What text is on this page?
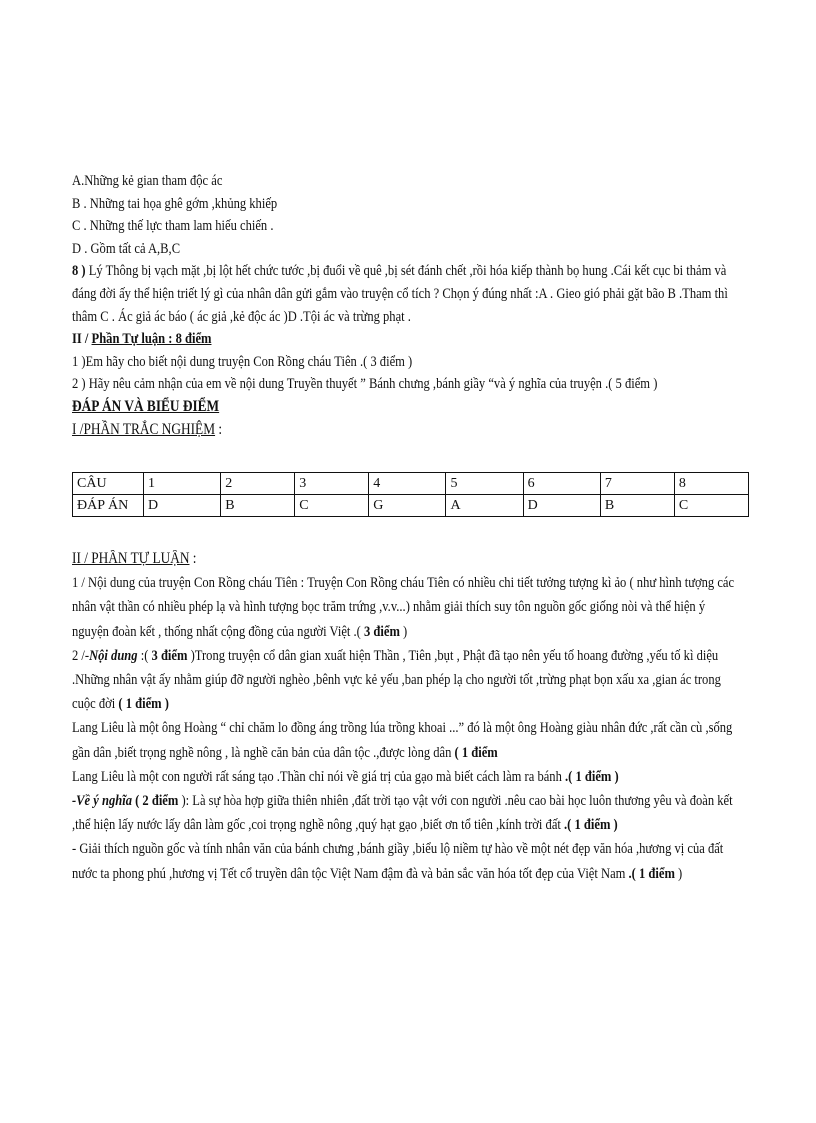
A.Những kẻ gian tham độc ác
B . Những tai họa ghê gớm ,khủng khiếp
C . Những thế lực tham lam hiếu chiến .
D . Gồm tất cả A,B,C
8 ) Lý Thông bị vạch mặt ,bị lột hết chức tước ,bị đuổi về quê ,bị sét đánh chết ,rồi hóa kiếp thành bọ hung .Cái kết cục bi thảm và
đáng đời ấy thể hiện triết lý gì của nhân dân gửi gắm vào truyện cổ tích ? Chọn ý đúng nhất :A . Gieo gió phải gặt bão B .Tham thì
thâm C . Ác giả ác báo ( ác giả ,kẻ độc ác )D .Tội ác và trừng phạt .
II / Phần Tự luận : 8 điểm
1 )Em hãy cho biết nội dung truyện Con Rồng cháu Tiên .( 3 điểm )
2 ) Hãy nêu cảm nhận của em về nội dung Truyền thuyết ” Bánh chưng ,bánh giầy “và ý nghĩa của truyện .( 5 điểm )
ĐÁP ÁN VÀ BIỂU ĐIỂM
I /PHẦN TRẮC NGHIỆM :
CÂU	1	2	3	4	5	6	7	8
ĐÁP ÁN	D	B	C	G	A	D	B	C
II / PHẦN TỰ LUẬN :
1 / Nội dung của truyện Con Rồng cháu Tiên : Truyện Con Rồng cháu Tiên có nhiều chi tiết tưởng tượng kì ảo ( như hình tượng các
nhân vật thần có nhiều phép lạ và hình tượng bọc trăm trứng ,v.v...) nhằm giải thích suy tôn nguồn gốc giống nòi và thể hiện ý
nguyện đoàn kết , thống nhất cộng đồng của người Việt .( 3 điểm )
2 /-Nội dung :( 3 điểm )Trong truyện cổ dân gian xuất hiện Thần , Tiên ,bụt , Phật đã tạo nên yếu tố hoang đường ,yếu tố kì diệu
.Những nhân vật ấy nhằm giúp đỡ người nghèo ,bênh vực kẻ yếu ,ban phép lạ cho người tốt ,trừng phạt bọn xấu xa ,gian ác trong
cuộc đời ( 1 điểm )
Lang Liêu là một ông Hoàng “ chỉ chăm lo đồng áng trồng lúa trồng khoai ...” đó là một ông Hoàng giàu nhân đức ,rất cần cù ,sống
gần dân ,biết trọng nghề nông , là nghề căn bản của dân tộc .,được lòng dân ( 1 điểm
Lang Liêu là một con người rất sáng tạo .Thần chỉ nói về giá trị của gạo mà biết cách làm ra bánh .( 1 điểm )
-Về ý nghĩa ( 2 điểm ): Là sự hòa hợp giữa thiên nhiên ,đất trời tạo vật với con người .nêu cao bài học luôn thương yêu và đoàn kết
,thể hiện lấy nước lấy dân làm gốc ,coi trọng nghề nông ,quý hạt gạo ,biết ơn tổ tiên ,kính trời đất .( 1 điểm )
- Giải thích nguồn gốc và tính nhân văn của bánh chưng ,bánh giầy ,biểu lộ niềm tự hào về một nét đẹp văn hóa ,hương vị của đất
nước ta phong phú ,hương vị Tết cổ truyền dân tộc Việt Nam đậm đà và bản sắc văn hóa tốt đẹp của Việt Nam .( 1 điểm )
